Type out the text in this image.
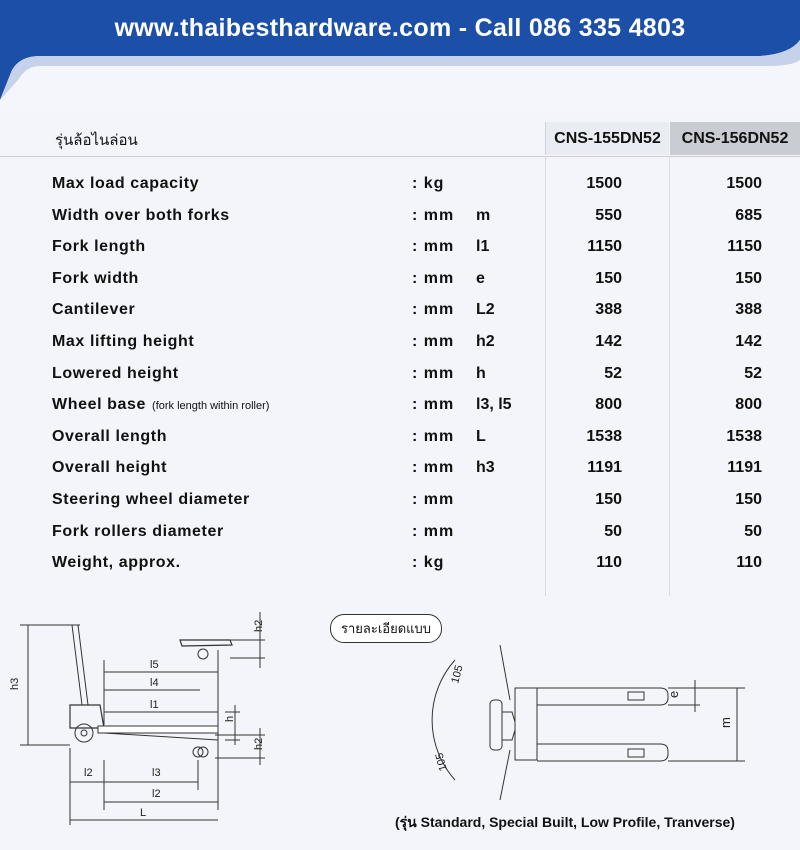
www.thaibesthardware.com - Call 086 335 4803
รุ่นล้อไนล่อน	CNS-155DN52	CNS-156DN52
Max load capacity	: kg	1500	1500
Width over both forks	: mm m	550	685
Fork length	: mm l1	1150	1150
Fork width	: mm e	150	150
Cantilever	: mm L2	388	388
Max lifting height	: mm h2	142	142
Lowered height	: mm h	52	52
Wheel base (fork length within roller)	: mm l3, l5	800	800
Overall length	: mm L	1538	1538
Overall height	: mm h3	1191	1191
Steering wheel diameter	: mm	150	150
Fork rollers diameter	: mm	50	50
Weight, approx.	: kg	110	110
h3
h2
l5
l4
l1
h
h2
l2	l3
l2
L
105
105
e
m
รายละเอียดแบบ
(รุ่น Standard, Special Built, Low Profile, Tranverse)
